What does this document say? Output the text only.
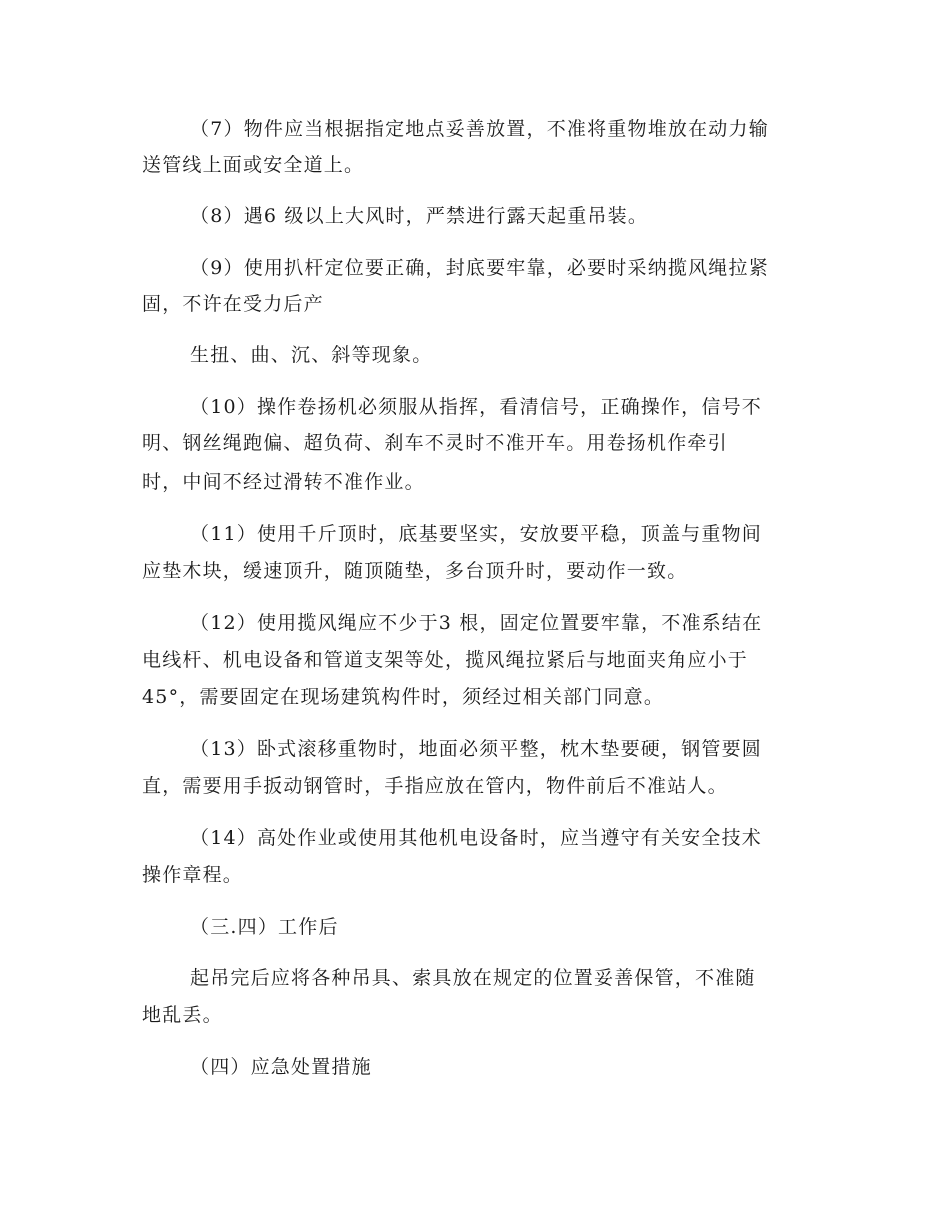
（7）物件应当根据指定地点妥善放置，不准将重物堆放在动力输
送管线上面或安全道上。
（8）遇6 级以上大风时，严禁进行露天起重吊装。
（9）使用扒杆定位要正确，封底要牢靠，必要时采纳揽风绳拉紧
固，不许在受力后产
生扭、曲、沉、斜等现象。
（10）操作卷扬机必须服从指挥，看清信号，正确操作，信号不
明、钢丝绳跑偏、超负荷、刹车不灵时不准开车。用卷扬机作牵引
时，中间不经过滑转不准作业。
（11）使用千斤顶时，底基要坚实，安放要平稳，顶盖与重物间
应垫木块，缓速顶升，随顶随垫，多台顶升时，要动作一致。
（12）使用揽风绳应不少于3 根，固定位置要牢靠，不准系结在
电线杆、机电设备和管道支架等处，揽风绳拉紧后与地面夹角应小于
45°，需要固定在现场建筑构件时，须经过相关部门同意。
（13）卧式滚移重物时，地面必须平整，枕木垫要硬，钢管要圆
直，需要用手扳动钢管时，手指应放在管内，物件前后不准站人。
（14）高处作业或使用其他机电设备时，应当遵守有关安全技术
操作章程。
（三.四）工作后
起吊完后应将各种吊具、索具放在规定的位置妥善保管，不准随
地乱丢。
（四）应急处置措施
